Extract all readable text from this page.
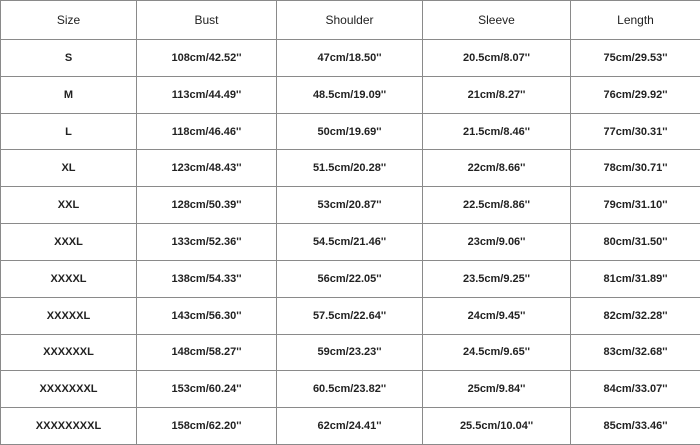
Size	Bust	Shoulder	Sleeve	Length
S	108cm/42.52''	47cm/18.50''	20.5cm/8.07''	75cm/29.53''
M	113cm/44.49''	48.5cm/19.09''	21cm/8.27''	76cm/29.92''
L	118cm/46.46''	50cm/19.69''	21.5cm/8.46''	77cm/30.31''
XL	123cm/48.43''	51.5cm/20.28''	22cm/8.66''	78cm/30.71''
XXL	128cm/50.39''	53cm/20.87''	22.5cm/8.86''	79cm/31.10''
XXXL	133cm/52.36''	54.5cm/21.46''	23cm/9.06''	80cm/31.50''
XXXXL	138cm/54.33''	56cm/22.05''	23.5cm/9.25''	81cm/31.89''
XXXXXL	143cm/56.30''	57.5cm/22.64''	24cm/9.45''	82cm/32.28''
XXXXXXL	148cm/58.27''	59cm/23.23''	24.5cm/9.65''	83cm/32.68''
XXXXXXXL	153cm/60.24''	60.5cm/23.82''	25cm/9.84''	84cm/33.07''
XXXXXXXXL	158cm/62.20''	62cm/24.41''	25.5cm/10.04''	85cm/33.46''
